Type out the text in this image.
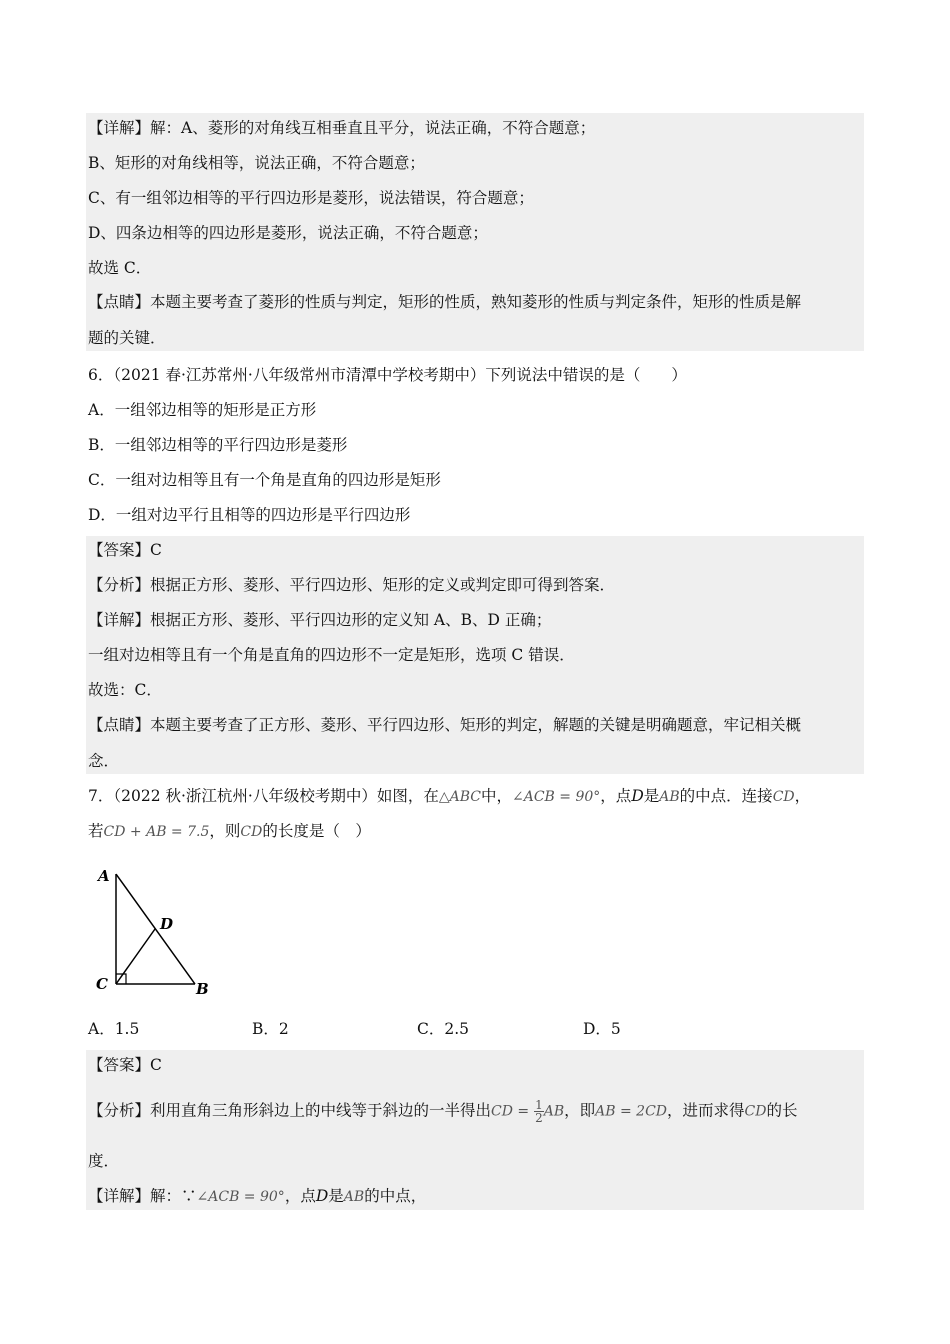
【详解】解：A、菱形的对角线互相垂直且平分，说法正确，不符合题意；
B、矩形的对角线相等，说法正确，不符合题意；
C、有一组邻边相等的平行四边形是菱形，说法错误，符合题意；
D、四条边相等的四边形是菱形，说法正确，不符合题意；
故选 C．
【点睛】本题主要考查了菱形的性质与判定，矩形的性质，熟知菱形的性质与判定条件，矩形的性质是解
题的关键．
6．（2021 春·江苏常州·八年级常州市清潭中学校考期中）下列说法中错误的是（　　）
A．一组邻边相等的矩形是正方形
B．一组邻边相等的平行四边形是菱形
C．一组对边相等且有一个角是直角的四边形是矩形
D．一组对边平行且相等的四边形是平行四边形
【答案】C
【分析】根据正方形、菱形、平行四边形、矩形的定义或判定即可得到答案．
【详解】根据正方形、菱形、平行四边形的定义知 A、B、D 正确；
一组对边相等且有一个角是直角的四边形不一定是矩形，选项 C 错误．
故选：C．
【点睛】本题主要考查了正方形、菱形、平行四边形、矩形的判定，解题的关键是明确题意，牢记相关概
念．
7．（2022 秋·浙江杭州·八年级校考期中）如图，在△ABC中，∠ACB = 90°，点D是AB的中点．连接CD，
若CD + AB = 7.5，则CD的长度是（　）
A
D
C	B
A．1.5	B．2	C．2.5	D．5
【答案】C
【分析】利用直角三角形斜边上的中线等于斜边的一半得出CD = $\frac{1}{2}$ AB，即AB = 2CD，进而求得CD的长
度．
【详解】解：∵∠ACB = 90°，点D是AB的中点，
